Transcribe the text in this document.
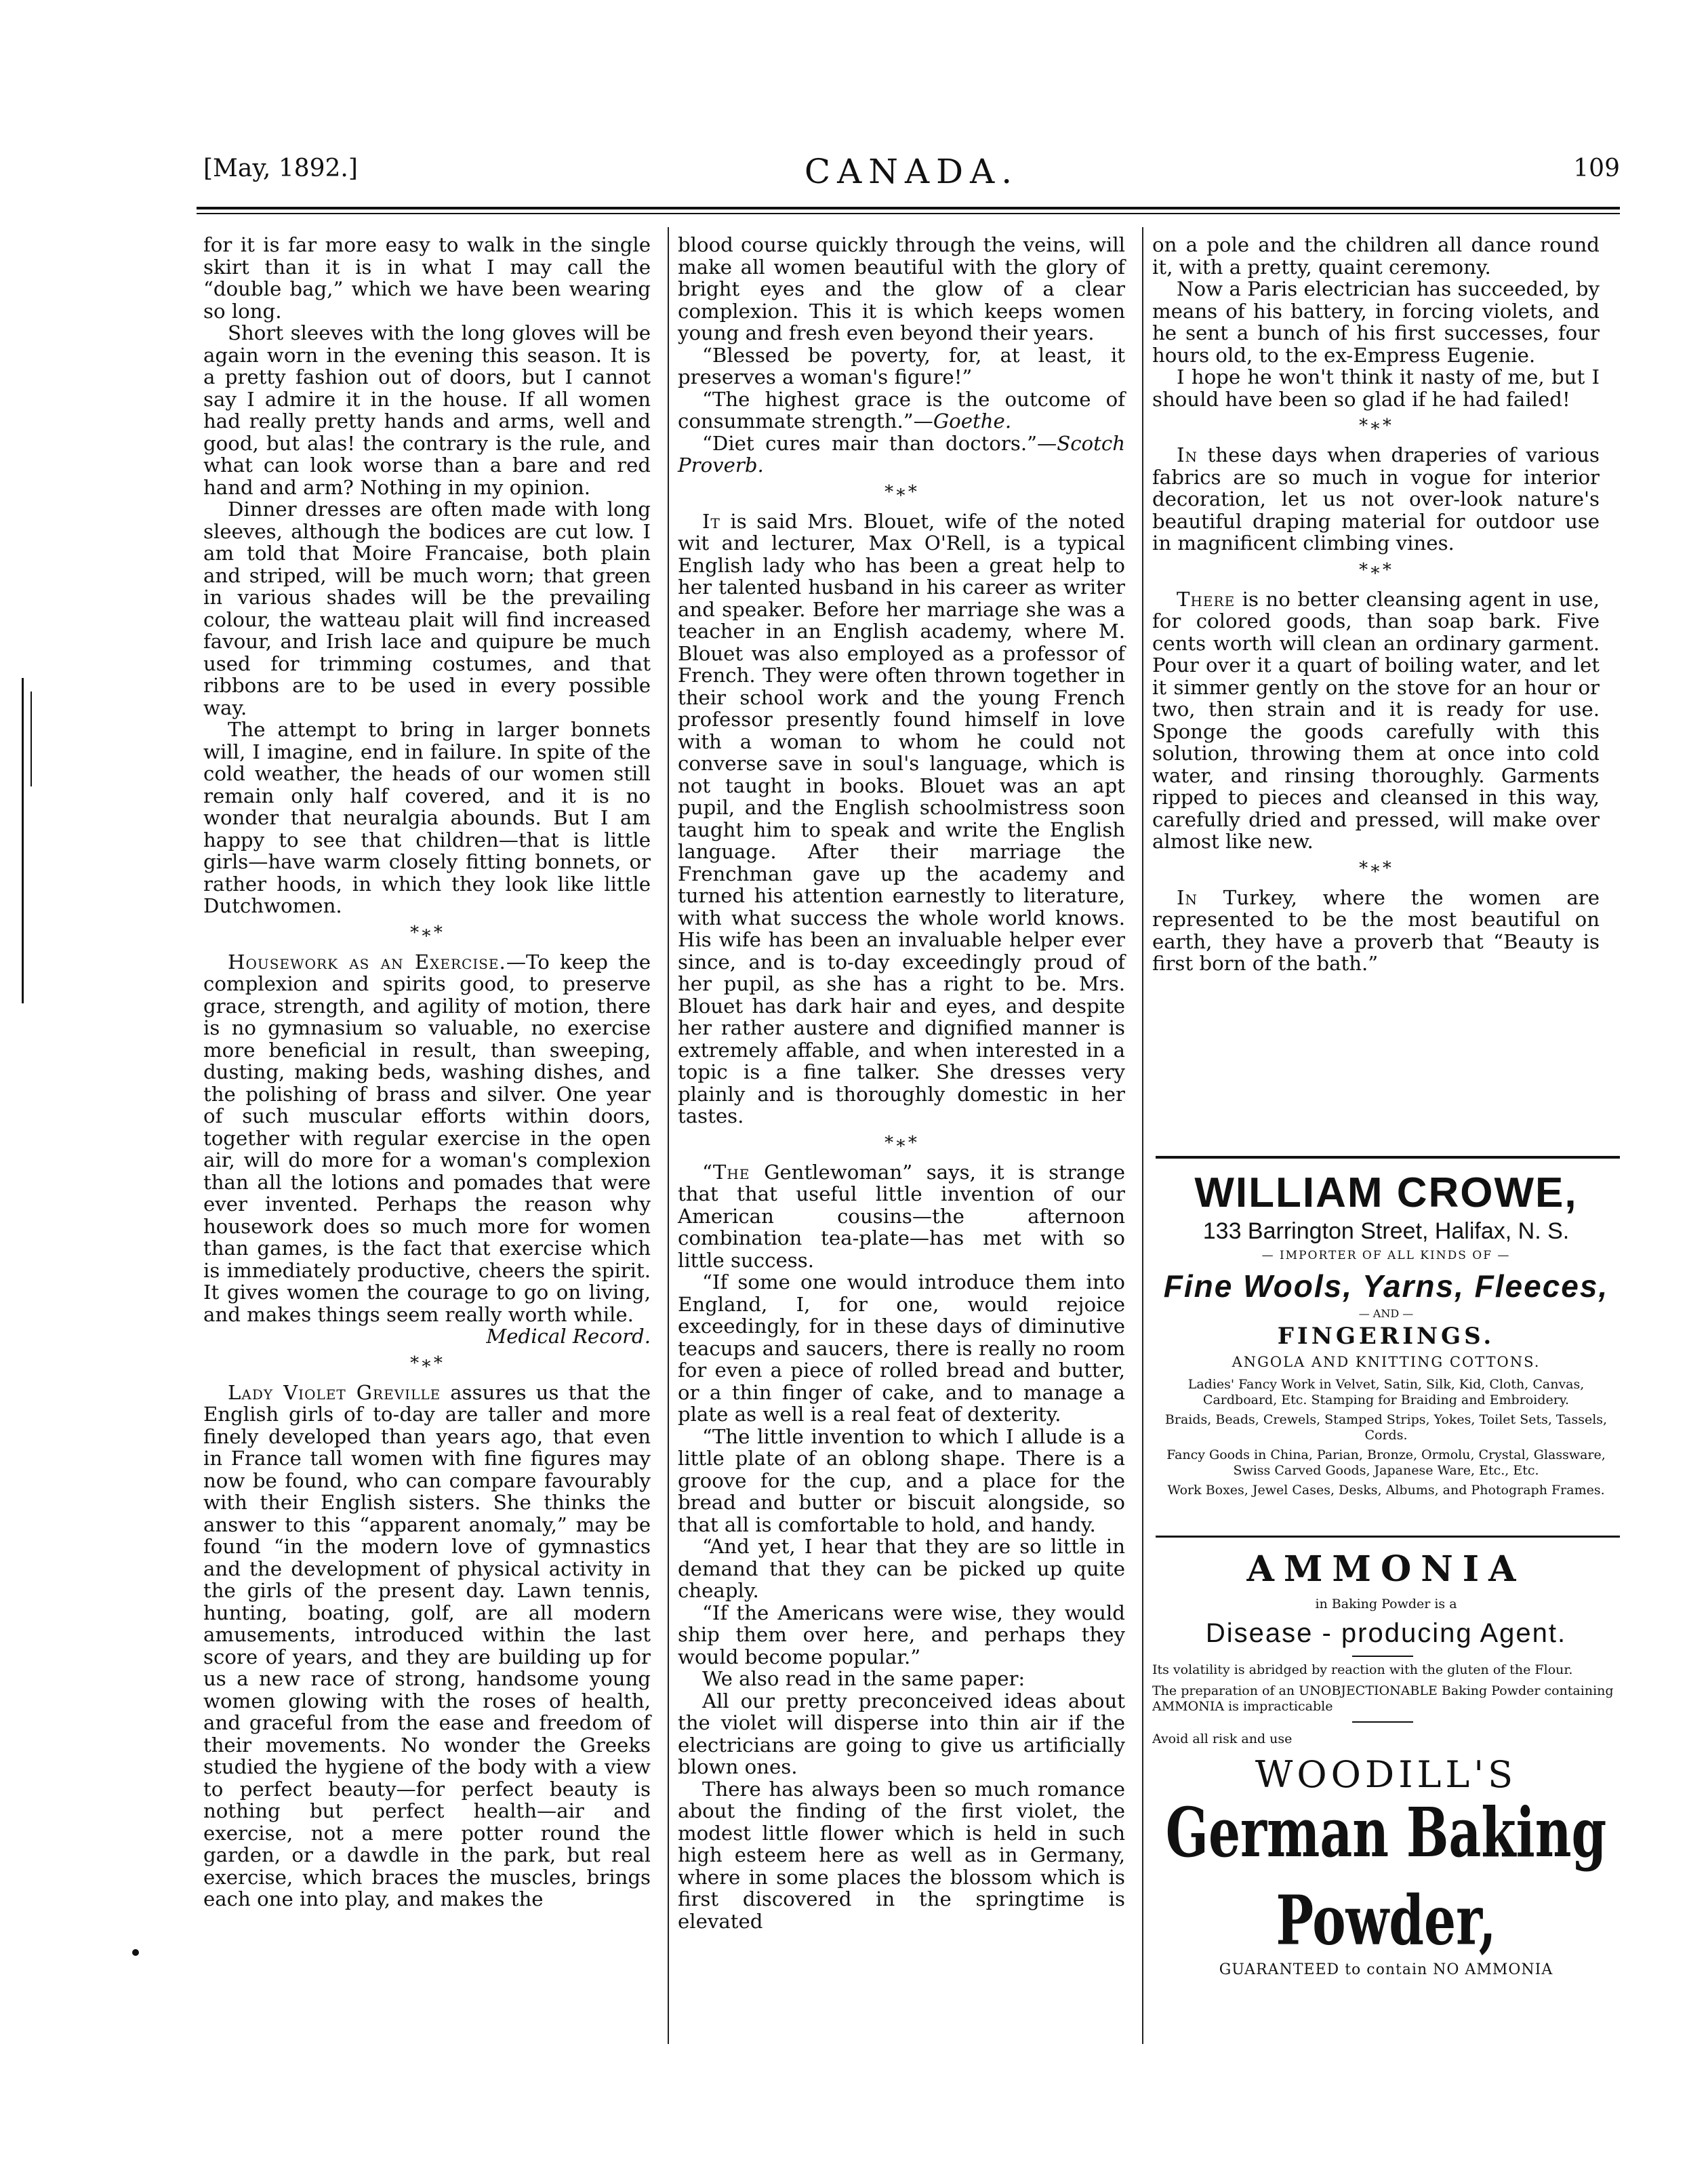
[May, 1892.]	CANADA.	109

for it is far more easy to walk in the single skirt than it is in what I may call the “double bag,” which we have been wearing so long.

Short sleeves with the long gloves will be again worn in the evening this season. It is a pretty fashion out of doors, but I cannot say I admire it in the house. If all women had really pretty hands and arms, well and good, but alas! the contrary is the rule, and what can look worse than a bare and red hand and arm? Nothing in my opinion.

Dinner dresses are often made with long sleeves, although the bodices are cut low. I am told that Moire Francaise, both plain and striped, will be much worn; that green in various shades will be the prevailing colour, the watteau plait will find increased favour, and Irish lace and quipure be much used for trimming costumes, and that ribbons are to be used in every possible way.

The attempt to bring in larger bonnets will, I imagine, end in failure. In spite of the cold weather, the heads of our women still remain only half covered, and it is no wonder that neuralgia abounds. But I am happy to see that children—that is little girls—have warm closely fitting bonnets, or rather hoods, in which they look like little Dutchwomen.

*∗*

Housework as an Exercise.—To keep the complexion and spirits good, to preserve grace, strength, and agility of motion, there is no gymnasium so valuable, no exercise more beneficial in result, than sweeping, dusting, making beds, washing dishes, and the polishing of brass and silver. One year of such muscular efforts within doors, together with regular exercise in the open air, will do more for a woman's complexion than all the lotions and pomades that were ever invented. Perhaps the reason why housework does so much more for women than games, is the fact that exercise which is immediately productive, cheers the spirit. It gives women the courage to go on living, and makes things seem really worth while.
Medical Record.

*∗*

Lady Violet Greville assures us that the English girls of to-day are taller and more finely developed than years ago, that even in France tall women with fine figures may now be found, who can compare favourably with their English sisters. She thinks the answer to this “apparent anomaly,” may be found “in the modern love of gymnastics and the development of physical activity in the girls of the present day. Lawn tennis, hunting, boating, golf, are all modern amusements, introduced within the last score of years, and they are building up for us a new race of strong, handsome young women glowing with the roses of health, and graceful from the ease and freedom of their movements. No wonder the Greeks studied the hygiene of the body with a view to perfect beauty—for perfect beauty is nothing but perfect health—air and exercise, not a mere potter round the garden, or a dawdle in the park, but real exercise, which braces the muscles, brings each one into play, and makes the

blood course quickly through the veins, will make all women beautiful with the glory of bright eyes and the glow of a clear complexion. This it is which keeps women young and fresh even beyond their years.

“Blessed be poverty, for, at least, it preserves a woman's figure!”

“The highest grace is the outcome of consummate strength.”—Goethe.

“Diet cures mair than doctors.”—Scotch Proverb.

*∗*

It is said Mrs. Blouet, wife of the noted wit and lecturer, Max O'Rell, is a typical English lady who has been a great help to her talented husband in his career as writer and speaker. Before her marriage she was a teacher in an English academy, where M. Blouet was also employed as a professor of French. They were often thrown together in their school work and the young French professor presently found himself in love with a woman to whom he could not converse save in soul's language, which is not taught in books. Blouet was an apt pupil, and the English schoolmistress soon taught him to speak and write the English language. After their marriage the Frenchman gave up the academy and turned his attention earnestly to literature, with what success the whole world knows. His wife has been an invaluable helper ever since, and is to-day exceedingly proud of her pupil, as she has a right to be. Mrs. Blouet has dark hair and eyes, and despite her rather austere and dignified manner is extremely affable, and when interested in a topic is a fine talker. She dresses very plainly and is thoroughly domestic in her tastes.

*∗*

“The Gentlewoman” says, it is strange that that useful little invention of our American cousins—the afternoon combination tea-plate—has met with so little success.

“If some one would introduce them into England, I, for one, would rejoice exceedingly, for in these days of diminutive teacups and saucers, there is really no room for even a piece of rolled bread and butter, or a thin finger of cake, and to manage a plate as well is a real feat of dexterity.

“The little invention to which I allude is a little plate of an oblong shape. There is a groove for the cup, and a place for the bread and butter or biscuit alongside, so that all is comfortable to hold, and handy.

“And yet, I hear that they are so little in demand that they can be picked up quite cheaply.

“If the Americans were wise, they would ship them over here, and perhaps they would become popular.”

We also read in the same paper:

All our pretty preconceived ideas about the violet will disperse into thin air if the electricians are going to give us artificially blown ones.

There has always been so much romance about the finding of the first violet, the modest little flower which is held in such high esteem here as well as in Germany, where in some places the blossom which is first discovered in the springtime is elevated

on a pole and the children all dance round it, with a pretty, quaint ceremony.

Now a Paris electrician has succeeded, by means of his battery, in forcing violets, and he sent a bunch of his first successes, four hours old, to the ex-Empress Eugenie.

I hope he won't think it nasty of me, but I should have been so glad if he had failed!

*∗*

In these days when draperies of various fabrics are so much in vogue for interior decoration, let us not over-look nature's beautiful draping material for outdoor use in magnificent climbing vines.

*∗*

There is no better cleansing agent in use, for colored goods, than soap bark. Five cents worth will clean an ordinary garment. Pour over it a quart of boiling water, and let it simmer gently on the stove for an hour or two, then strain and it is ready for use. Sponge the goods carefully with this solution, throwing them at once into cold water, and rinsing thoroughly. Garments ripped to pieces and cleansed in this way, carefully dried and pressed, will make over almost like new.

*∗*

In Turkey, where the women are represented to be the most beautiful on earth, they have a proverb that “Beauty is first born of the bath.”

WILLIAM CROWE,
133 Barrington Street, Halifax, N. S.
— IMPORTER OF ALL KINDS OF —
Fine Wools, Yarns, Fleeces,
— AND —
FINGERINGS.
ANGOLA AND KNITTING COTTONS.
Ladies' Fancy Work in Velvet, Satin, Silk, Kid, Cloth, Canvas, Cardboard, Etc. Stamping for Braiding and Embroidery.
Braids, Beads, Crewels, Stamped Strips, Yokes, Toilet Sets, Tassels, Cords.
Fancy Goods in China, Parian, Bronze, Ormolu, Crystal, Glassware, Swiss Carved Goods, Japanese Ware, Etc., Etc.
Work Boxes, Jewel Cases, Desks, Albums, and Photograph Frames.
AMMONIA
in Baking Powder is a
Disease - producing Agent.
Its volatility is abridged by reaction with the gluten of the Flour.
The preparation of an UNOBJECTIONABLE Baking Powder containing AMMONIA is impracticable
Avoid all risk and use
WOODILL'S
German Baking Powder,
GUARANTEED to contain NO AMMONIA
